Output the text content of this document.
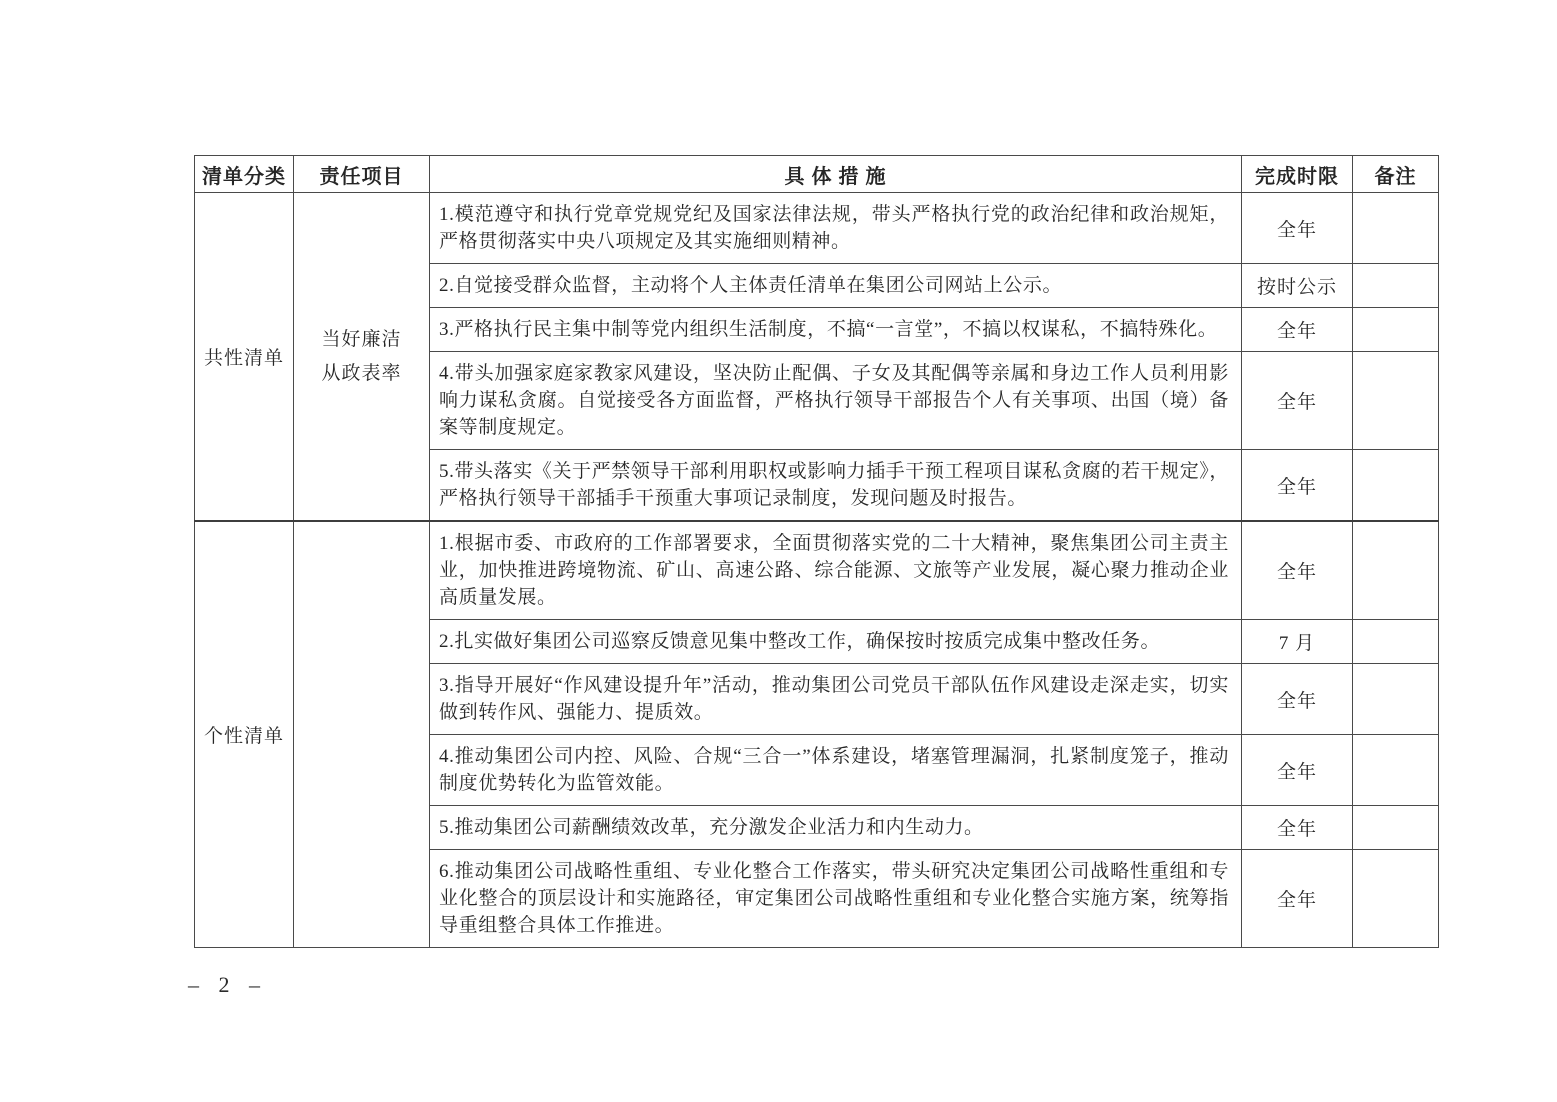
清单分类	责任项目	具 体 措 施	完成时限	备注
共性清单	当好廉洁从政表率	1.模范遵守和执行党章党规党纪及国家法律法规，带头严格执行党的政治纪律和政治规矩，严格贯彻落实中央八项规定及其实施细则精神。	全年	
		2.自觉接受群众监督，主动将个人主体责任清单在集团公司网站上公示。	按时公示	
		3.严格执行民主集中制等党内组织生活制度，不搞“一言堂”，不搞以权谋私，不搞特殊化。	全年	
		4.带头加强家庭家教家风建设，坚决防止配偶、子女及其配偶等亲属和身边工作人员利用影响力谋私贪腐。自觉接受各方面监督，严格执行领导干部报告个人有关事项、出国（境）备案等制度规定。	全年	
		5.带头落实《关于严禁领导干部利用职权或影响力插手干预工程项目谋私贪腐的若干规定》，严格执行领导干部插手干预重大事项记录制度，发现问题及时报告。	全年	
个性清单		1.根据市委、市政府的工作部署要求，全面贯彻落实党的二十大精神，聚焦集团公司主责主业，加快推进跨境物流、矿山、高速公路、综合能源、文旅等产业发展，凝心聚力推动企业高质量发展。	全年	
		2.扎实做好集团公司巡察反馈意见集中整改工作，确保按时按质完成集中整改任务。	7 月	
		3.指导开展好“作风建设提升年”活动，推动集团公司党员干部队伍作风建设走深走实，切实做到转作风、强能力、提质效。	全年	
		4.推动集团公司内控、风险、合规“三合一”体系建设，堵塞管理漏洞，扎紧制度笼子，推动制度优势转化为监管效能。	全年	
		5.推动集团公司薪酬绩效改革，充分激发企业活力和内生动力。	全年	
		6.推动集团公司战略性重组、专业化整合工作落实，带头研究决定集团公司战略性重组和专业化整合的顶层设计和实施路径，审定集团公司战略性重组和专业化整合实施方案，统筹指导重组整合具体工作推进。	全年	
– 2 –
